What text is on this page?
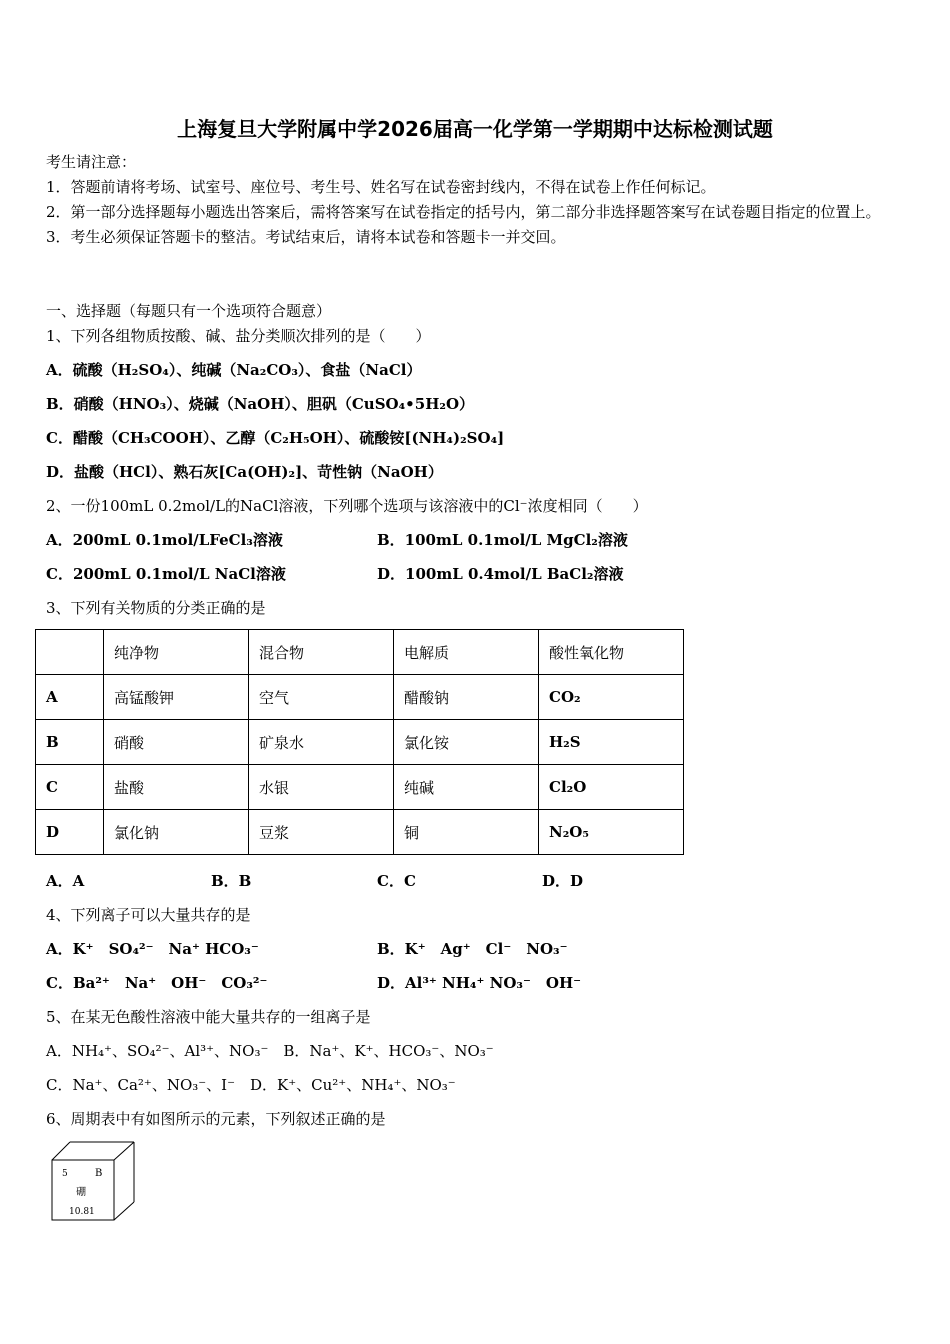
上海复旦大学附属中学2026届高一化学第一学期期中达标检测试题
考生请注意：
1．答题前请将考场、试室号、座位号、考生号、姓名写在试卷密封线内，不得在试卷上作任何标记。
2．第一部分选择题每小题选出答案后，需将答案写在试卷指定的括号内，第二部分非选择题答案写在试卷题目指定的位置上。
3．考生必须保证答题卡的整洁。考试结束后，请将本试卷和答题卡一并交回。
一、选择题（每题只有一个选项符合题意）
1、下列各组物质按酸、碱、盐分类顺次排列的是（　　）
A．硫酸（H₂SO₄）、纯碱（Na₂CO₃）、食盐（NaCl）
B．硝酸（HNO₃）、烧碱（NaOH）、胆矾（CuSO₄•5H₂O）
C．醋酸（CH₃COOH）、乙醇（C₂H₅OH）、硫酸铵[(NH₄)₂SO₄]
D．盐酸（HCl）、熟石灰[Ca(OH)₂]、苛性钠（NaOH）
2、一份100mL 0.2mol/L的NaCl溶液，下列哪个选项与该溶液中的Cl⁻浓度相同（　　）
A．200mL 0.1mol/LFeCl₃溶液	B．100mL 0.1mol/L MgCl₂溶液
C．200mL 0.1mol/L NaCl溶液	D．100mL 0.4mol/L BaCl₂溶液
3、下列有关物质的分类正确的是
	纯净物	混合物	电解质	酸性氧化物
A	高锰酸钾	空气	醋酸钠	CO₂
B	硝酸	矿泉水	氯化铵	H₂S
C	盐酸	水银	纯碱	Cl₂O
D	氯化钠	豆浆	铜	N₂O₅
A．A	B．B	C．C	D．D
4、下列离子可以大量共存的是
A．K⁺　SO₄²⁻　Na⁺ HCO₃⁻	B．K⁺　Ag⁺　Cl⁻　NO₃⁻
C．Ba²⁺　Na⁺　OH⁻　CO₃²⁻	D．Al³⁺ NH₄⁺ NO₃⁻　OH⁻
5、在某无色酸性溶液中能大量共存的一组离子是
A．NH₄⁺、SO₄²⁻、Al³⁺、NO₃⁻　B．Na⁺、K⁺、HCO₃⁻、NO₃⁻
C．Na⁺、Ca²⁺、NO₃⁻、I⁻　D．K⁺、Cu²⁺、NH₄⁺、NO₃⁻
6、周期表中有如图所示的元素，下列叙述正确的是
5	B
硼
10.81
